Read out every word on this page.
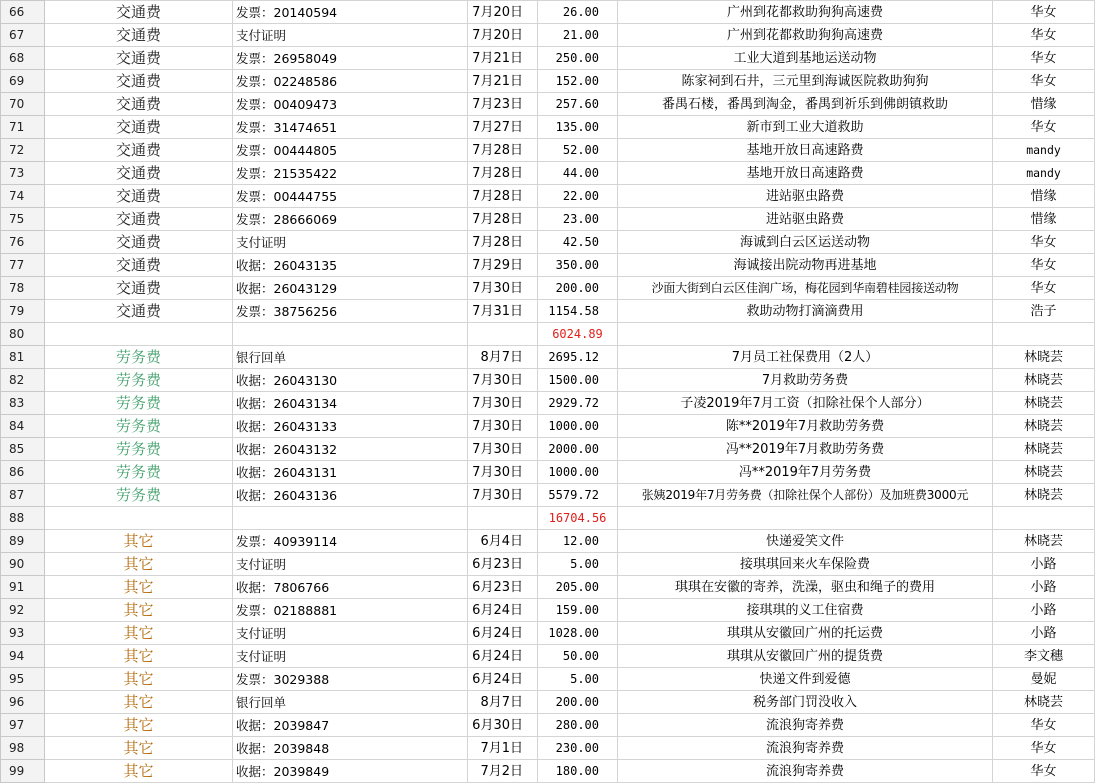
66	交通费	发票：20140594	7月20日	26.00	广州到花都救助狗狗高速费	华女
67	交通费	支付证明	7月20日	21.00	广州到花都救助狗狗高速费	华女
68	交通费	发票：26958049	7月21日	250.00	工业大道到基地运送动物	华女
69	交通费	发票：02248586	7月21日	152.00	陈家祠到石井，三元里到海诚医院救助狗狗	华女
70	交通费	发票：00409473	7月23日	257.60	番禺石楼，番禺到淘金，番禺到祈乐到佛朗镇救助	惜缘
71	交通费	发票：31474651	7月27日	135.00	新市到工业大道救助	华女
72	交通费	发票：00444805	7月28日	52.00	基地开放日高速路费	mandy
73	交通费	发票：21535422	7月28日	44.00	基地开放日高速路费	mandy
74	交通费	发票：00444755	7月28日	22.00	进站驱虫路费	惜缘
75	交通费	发票：28666069	7月28日	23.00	进站驱虫路费	惜缘
76	交通费	支付证明	7月28日	42.50	海诚到白云区运送动物	华女
77	交通费	收据：26043135	7月29日	350.00	海诚接出院动物再进基地	华女
78	交通费	收据：26043129	7月30日	200.00	沙面大街到白云区佳润广场，梅花园到华南碧桂园接送动物	华女
79	交通费	发票：38756256	7月31日	1154.58	救助动物打滴滴费用	浩子
80				6024.89		
81	劳务费	银行回单	8月7日	2695.12	7月员工社保费用（2人）	林晓芸
82	劳务费	收据：26043130	7月30日	1500.00	7月救助劳务费	林晓芸
83	劳务费	收据：26043134	7月30日	2929.72	子凌2019年7月工资（扣除社保个人部分）	林晓芸
84	劳务费	收据：26043133	7月30日	1000.00	陈**2019年7月救助劳务费	林晓芸
85	劳务费	收据：26043132	7月30日	2000.00	冯**2019年7月救助劳务费	林晓芸
86	劳务费	收据：26043131	7月30日	1000.00	冯**2019年7月劳务费	林晓芸
87	劳务费	收据：26043136	7月30日	5579.72	张姨2019年7月劳务费（扣除社保个人部份）及加班费3000元	林晓芸
88				16704.56		
89	其它	发票：40939114	6月4日	12.00	快递爱笑文件	林晓芸
90	其它	支付证明	6月23日	5.00	接琪琪回来火车保险费	小路
91	其它	收据：7806766	6月23日	205.00	琪琪在安徽的寄养，洗澡，驱虫和绳子的费用	小路
92	其它	发票：02188881	6月24日	159.00	接琪琪的义工住宿费	小路
93	其它	支付证明	6月24日	1028.00	琪琪从安徽回广州的托运费	小路
94	其它	支付证明	6月24日	50.00	琪琪从安徽回广州的提货费	李文穗
95	其它	发票：3029388	6月24日	5.00	快递文件到爱德	曼妮
96	其它	银行回单	8月7日	200.00	税务部门罚没收入	林晓芸
97	其它	收据：2039847	6月30日	280.00	流浪狗寄养费	华女
98	其它	收据：2039848	7月1日	230.00	流浪狗寄养费	华女
99	其它	收据：2039849	7月2日	180.00	流浪狗寄养费	华女
